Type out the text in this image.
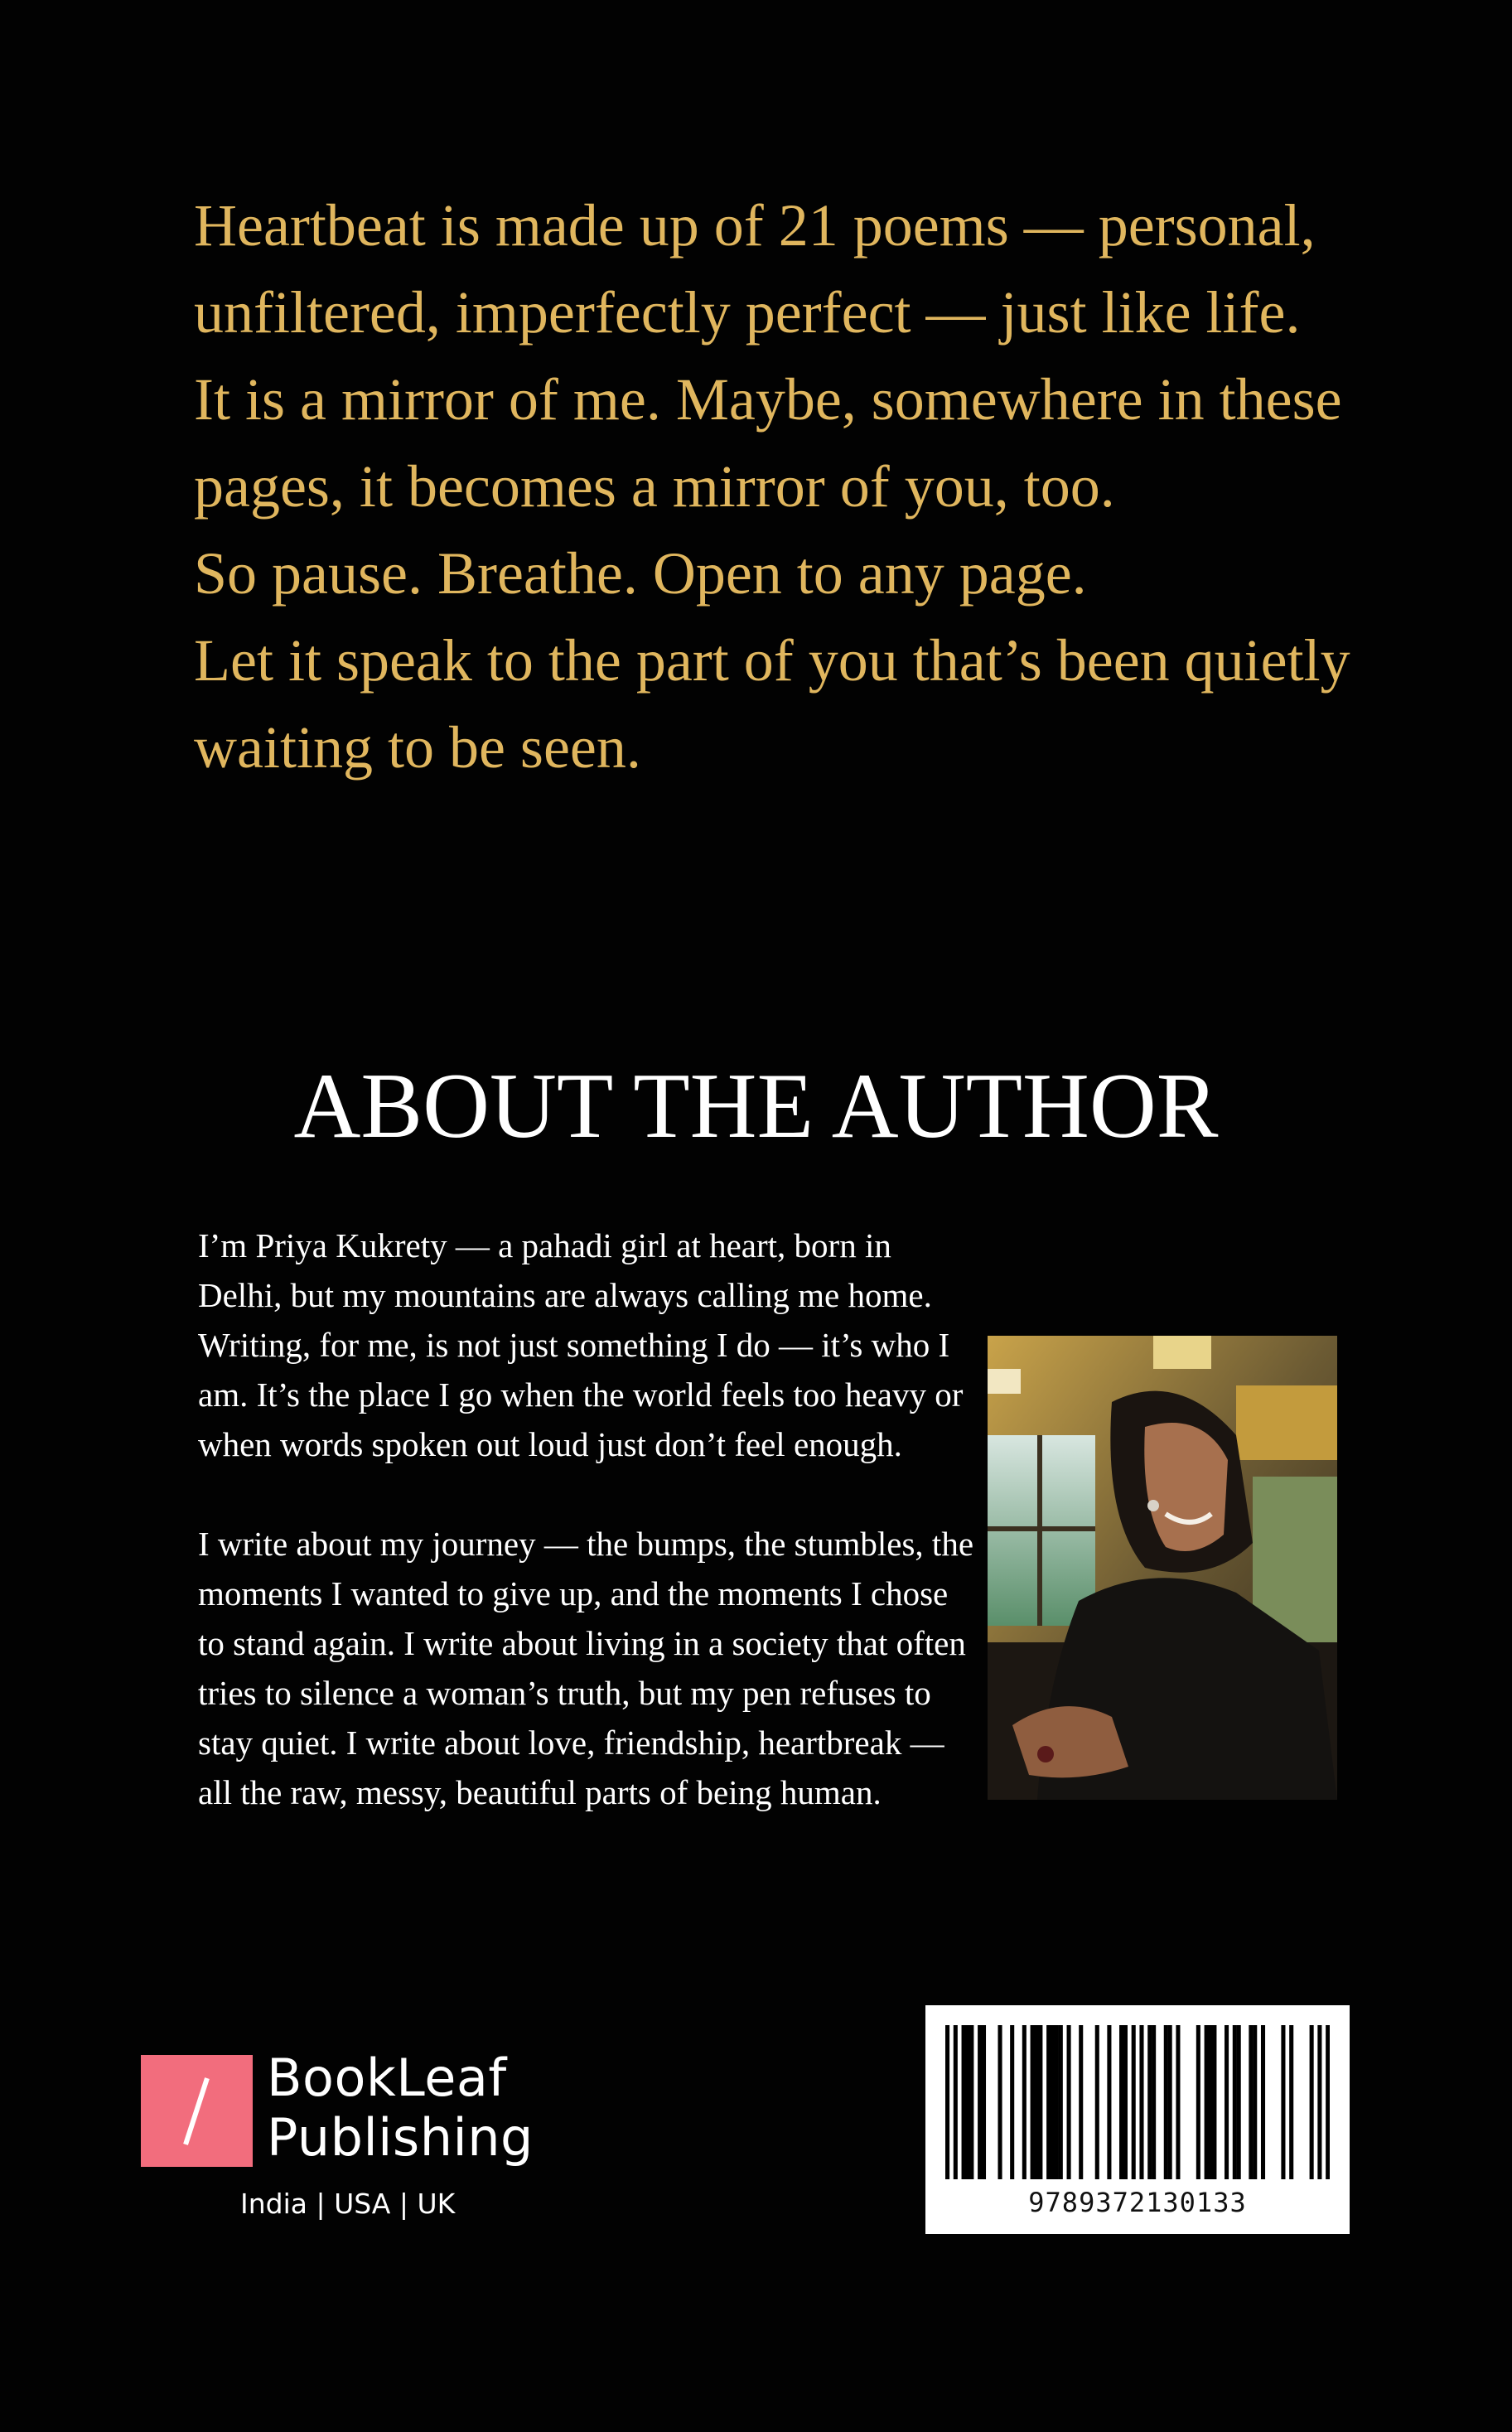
Heartbeat is made up of 21 poems — personal, unfiltered, imperfectly perfect — just like life.

It is a mirror of me. Maybe, somewhere in these pages, it becomes a mirror of you, too.

So pause. Breathe. Open to any page.

Let it speak to the part of you that’s been quietly waiting to be seen.

ABOUT THE AUTHOR

I’m Priya Kukrety — a pahadi girl at heart, born in Delhi, but my mountains are always calling me home. Writing, for me, is not just something I do — it’s who I am. It’s the place I go when the world feels too heavy or when words spoken out loud just don’t feel enough.

I write about my journey — the bumps, the stumbles, the moments I wanted to give up, and the moments I chose to stand again. I write about living in a society that often tries to silence a woman’s truth, but my pen refuses to stay quiet. I write about love, friendship, heartbreak — all the raw, messy, beautiful parts of being human.

BookLeaf
Publishing
India | USA | UK	9789372130133
